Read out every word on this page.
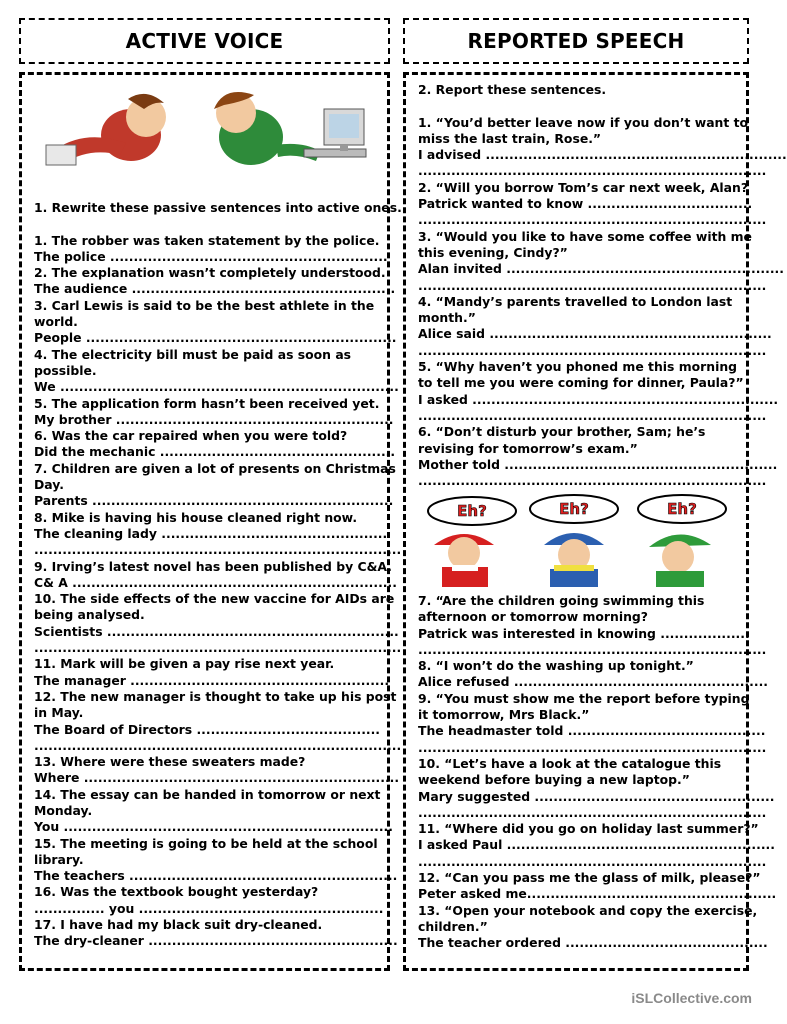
ACTIVE VOICE	REPORTED SPEECH
1. Rewrite these passive sentences into active ones.

1. The robber was taken statement by the police.
The police ...........................................................
2. The explanation wasn’t completely understood.
The audience ........................................................
3. Carl Lewis is said to be the best athlete in the
world.
People ..................................................................
4. The electricity bill must be paid as soon as
possible.
We ........................................................................
5. The application form hasn’t been received yet.
My brother ...........................................................
6. Was the car repaired when you were told?
Did the mechanic ..................................................
7. Children are given a lot of presents on Christmas
Day.
Parents ................................................................
8. Mike is having his house cleaned right now.
The cleaning lady ................................................
..............................................................................
9. Irving’s latest novel has been published by C&A.
C& A .....................................................................
10. The side effects of the new vaccine for AIDs are
being analysed.
Scientists ..............................................................
..............................................................................
11. Mark will be given a pay rise next year.
The manager .......................................................
12. The new manager is thought to take up his post
in May.
The Board of Directors .......................................
..............................................................................
13. Where were these sweaters made?
Where ...................................................................
14. The essay can be handed in tomorrow or next
Monday.
You ......................................................................
15. The meeting is going to be held at the school
library.
The teachers .........................................................
16. Was the textbook bought yesterday?
............... you ....................................................
17. I have had my black suit dry-cleaned.
The dry-cleaner .....................................................
2. Report these sentences.

1. “You’d better leave now if you don’t want to
miss the last train, Rose.”
I advised ................................................................
..........................................................................
2. “Will you borrow Tom’s car next week, Alan?
Patrick wanted to know ...................................
..........................................................................
3. “Would you like to have some coffee with me
this evening, Cindy?”
Alan invited ...........................................................
..........................................................................
4. “Mandy’s parents travelled to London last
month.”
Alice said ............................................................
..........................................................................
5. “Why haven’t you phoned me this morning
to tell me you were coming for dinner, Paula?”
I asked .................................................................
..........................................................................
6. “Don’t disturb your brother, Sam; he’s
revising for tomorrow’s exam.”
Mother told ..........................................................
..........................................................................
Eh?	Eh?	Eh?
7. “Are the children going swimming this
afternoon or tomorrow morning?
Patrick was interested in knowing ...................
..........................................................................
8. “I won’t do the washing up tonight.”
Alice refused ......................................................
9. “You must show me the report before typing
it tomorrow, Mrs Black.”
The headmaster told ..........................................
..........................................................................
10. “Let’s have a look at the catalogue this
weekend before buying a new laptop.”
Mary suggested ...................................................
..........................................................................
11. “Where did you go on holiday last summer?”
I asked Paul .........................................................
..........................................................................
12. “Can you pass me the glass of milk, please?”
Peter asked me.....................................................
13. “Open your notebook and copy the exercise,
children.”
The teacher ordered ...........................................
iSLCollective.com
